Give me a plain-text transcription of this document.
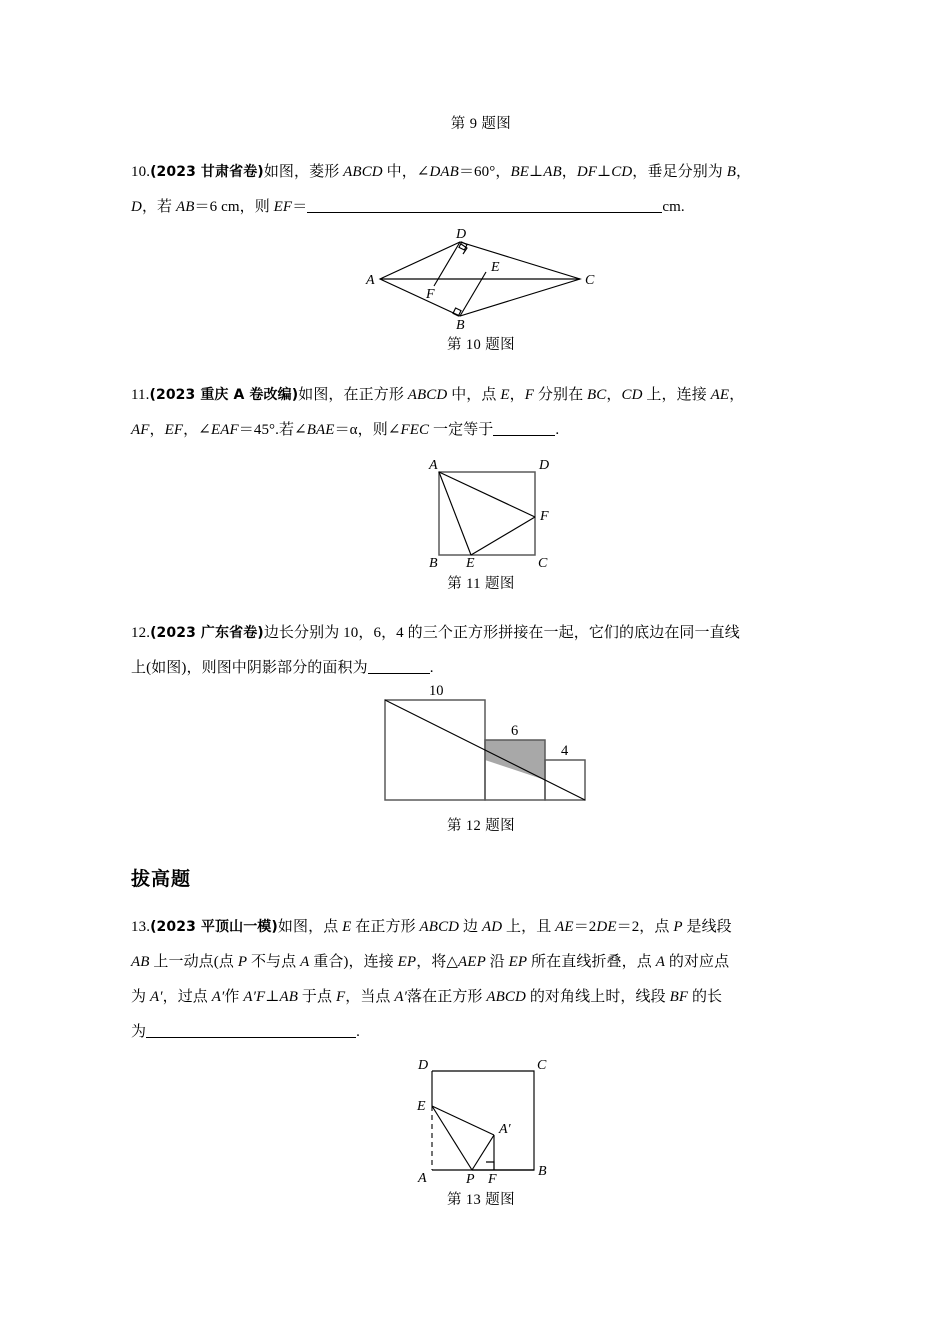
第 9 题图
10.(2023 甘肃省卷)如图，菱形 ABCD 中，∠DAB＝60°，BE⊥AB，DF⊥CD，垂足分别为 B，
D，若 AB＝6 cm，则 EF＝	cm.
A
D
C
B
E
F
第 10 题图
11.(2023 重庆 A 卷改编)如图，在正方形 ABCD 中，点 E，F 分别在 BC，CD 上，连接 AE，
AF，EF，∠EAF＝45°.若∠BAE＝α，则∠FEC 一定等于	.
A	D
F
B E	C
第 11 题图
12.(2023 广东省卷)边长分别为 10，6，4 的三个正方形拼接在一起，它们的底边在同一直线
上(如图)，则图中阴影部分的面积为	.
10
6
4
第 12 题图
拔高题
13.(2023 平顶山一模)如图，点 E 在正方形 ABCD 边 AD 上，且 AE＝2DE＝2，点 P 是线段
AB 上一动点(点 P 不与点 A 重合)，连接 EP，将△AEP 沿 EP 所在直线折叠，点 A 的对应点
为 A′，过点 A′作 A′F⊥AB 于点 F，当点 A′落在正方形 ABCD 的对角线上时，线段 BF 的长
为	.
D	C
E
A′
A	P F
B
第 13 题图
